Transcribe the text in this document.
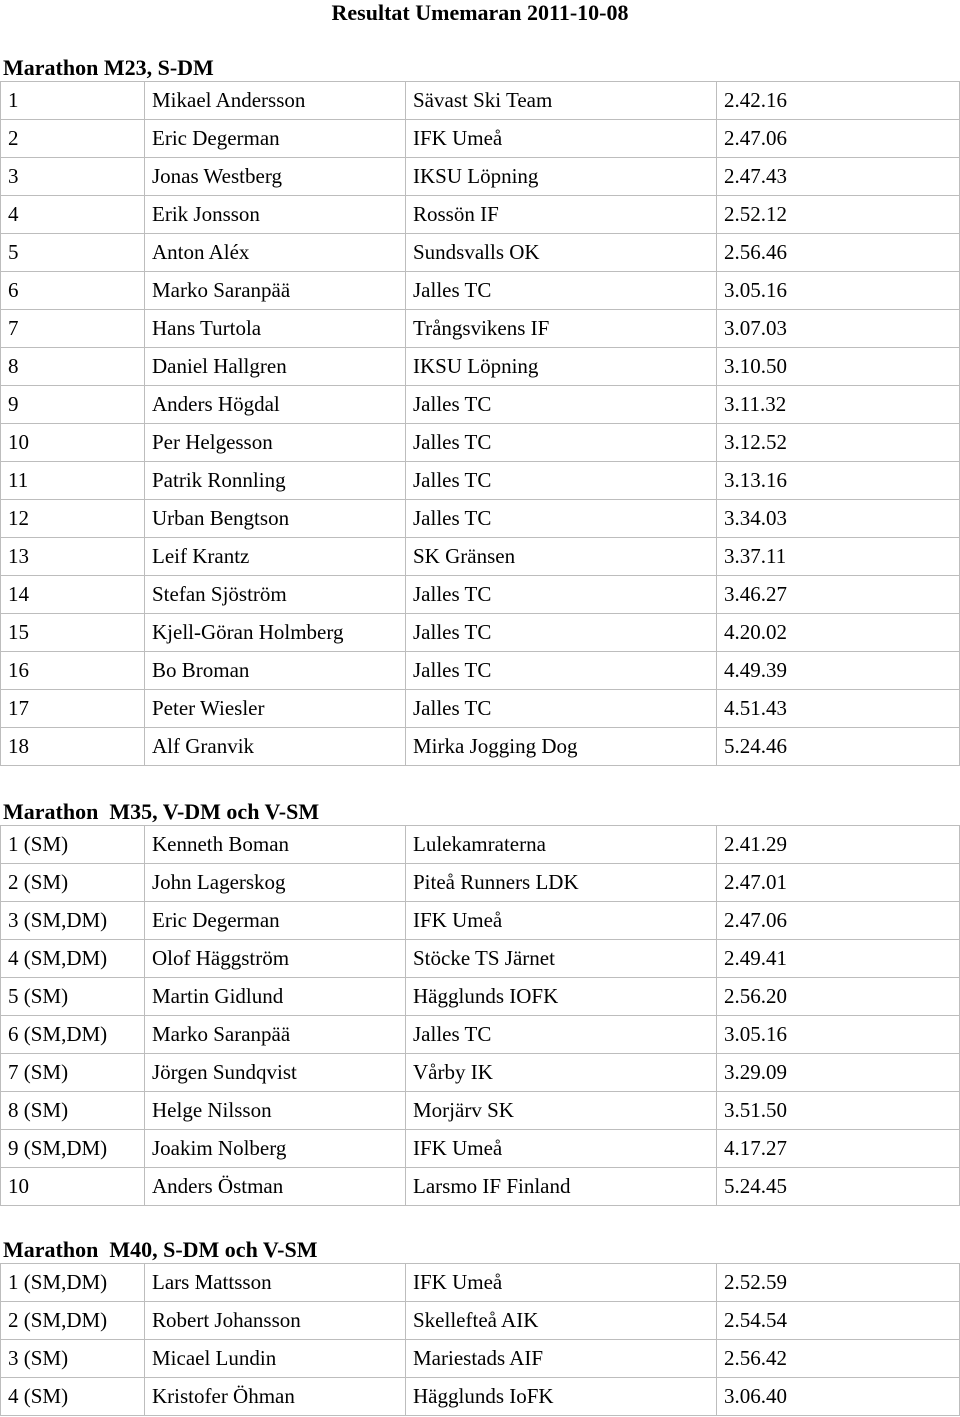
Resultat Umemaran 2011-10-08
Marathon M23, S-DM
1	Mikael Andersson	Sävast Ski Team	2.42.16
2	Eric Degerman	IFK Umeå	2.47.06
3	Jonas Westberg	IKSU Löpning	2.47.43
4	Erik Jonsson	Rossön IF	2.52.12
5	Anton Aléx	Sundsvalls OK	2.56.46
6	Marko Saranpää	Jalles TC	3.05.16
7	Hans Turtola	Trångsvikens IF	3.07.03
8	Daniel Hallgren	IKSU Löpning	3.10.50
9	Anders Högdal	Jalles TC	3.11.32
10	Per Helgesson	Jalles TC	3.12.52
11	Patrik Ronnling	Jalles TC	3.13.16
12	Urban Bengtson	Jalles TC	3.34.03
13	Leif Krantz	SK Gränsen	3.37.11
14	Stefan Sjöström	Jalles TC	3.46.27
15	Kjell-Göran Holmberg	Jalles TC	4.20.02
16	Bo Broman	Jalles TC	4.49.39
17	Peter Wiesler	Jalles TC	4.51.43
18	Alf Granvik	Mirka Jogging Dog	5.24.46
Marathon  M35, V-DM och V-SM
1 (SM)	Kenneth Boman	Lulekamraterna	2.41.29
2 (SM)	John Lagerskog	Piteå Runners LDK	2.47.01
3 (SM,DM)	Eric Degerman	IFK Umeå	2.47.06
4 (SM,DM)	Olof Häggström	Stöcke TS Järnet	2.49.41
5 (SM)	Martin Gidlund	Hägglunds IOFK	2.56.20
6 (SM,DM)	Marko Saranpää	Jalles TC	3.05.16
7 (SM)	Jörgen Sundqvist	Vårby IK	3.29.09
8 (SM)	Helge Nilsson	Morjärv SK	3.51.50
9 (SM,DM)	Joakim Nolberg	IFK Umeå	4.17.27
10	Anders Östman	Larsmo IF Finland	5.24.45
Marathon  M40, S-DM och V-SM
1 (SM,DM)	Lars Mattsson	IFK Umeå	2.52.59
2 (SM,DM)	Robert Johansson	Skellefteå AIK	2.54.54
3 (SM)	Micael Lundin	Mariestads AIF	2.56.42
4 (SM)	Kristofer Öhman	Hägglunds IoFK	3.06.40
